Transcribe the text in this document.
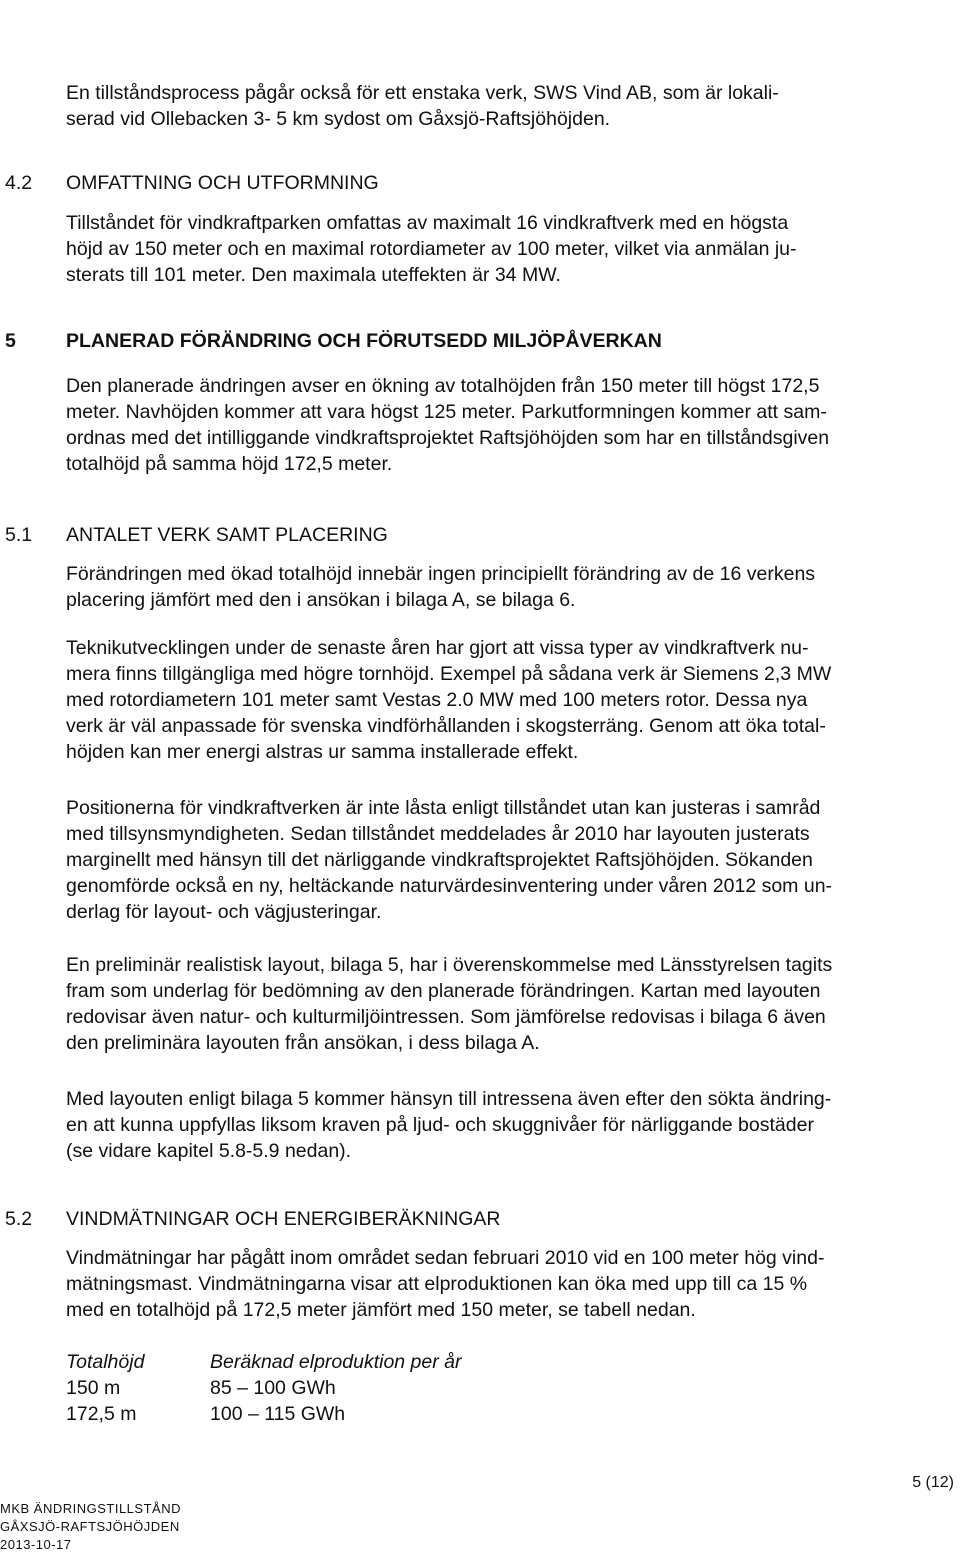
En tillståndsprocess pågår också för ett enstaka verk, SWS Vind AB, som är lokali-
serad vid Ollebacken 3- 5 km sydost om Gåxsjö-Raftsjöhöjden.
4.2 OMFATTNING OCH UTFORMNING
Tillståndet för vindkraftparken omfattas av maximalt 16 vindkraftverk med en högsta
höjd av 150 meter och en maximal rotordiameter av 100 meter, vilket via anmälan ju-
sterats till 101 meter. Den maximala uteffekten är 34 MW.
5	PLANERAD FÖRÄNDRING OCH FÖRUTSEDD MILJÖPÅVERKAN
Den planerade ändringen avser en ökning av totalhöjden från 150 meter till högst 172,5
meter. Navhöjden kommer att vara högst 125 meter. Parkutformningen kommer att sam-
ordnas med det intilliggande vindkraftsprojektet Raftsjöhöjden som har en tillståndsgiven
totalhöjd på samma höjd 172,5 meter.
5.1 ANTALET VERK SAMT PLACERING
Förändringen med ökad totalhöjd innebär ingen principiellt förändring av de 16 verkens
placering jämfört med den i ansökan i bilaga A, se bilaga 6.
Teknikutvecklingen under de senaste åren har gjort att vissa typer av vindkraftverk nu-
mera finns tillgängliga med högre tornhöjd. Exempel på sådana verk är Siemens 2,3 MW
med rotordiametern 101 meter samt Vestas 2.0 MW med 100 meters rotor. Dessa nya
verk är väl anpassade för svenska vindförhållanden i skogsterräng. Genom att öka total-
höjden kan mer energi alstras ur samma installerade effekt.
Positionerna för vindkraftverken är inte låsta enligt tillståndet utan kan justeras i samråd
med tillsynsmyndigheten. Sedan tillståndet meddelades år 2010 har layouten justerats
marginellt med hänsyn till det närliggande vindkraftsprojektet Raftsjöhöjden. Sökanden
genomförde också en ny, heltäckande naturvärdesinventering under våren 2012 som un-
derlag för layout- och vägjusteringar.
En preliminär realistisk layout, bilaga 5, har i överenskommelse med Länsstyrelsen tagits
fram som underlag för bedömning av den planerade förändringen. Kartan med layouten
redovisar även natur- och kulturmiljöintressen. Som jämförelse redovisas i bilaga 6 även
den preliminära layouten från ansökan, i dess bilaga A.
Med layouten enligt bilaga 5 kommer hänsyn till intressena även efter den sökta ändring-
en att kunna uppfyllas liksom kraven på ljud- och skuggnivåer för närliggande bostäder
(se vidare kapitel 5.8-5.9 nedan).
5.2 VINDMÄTNINGAR OCH ENERGIBERÄKNINGAR
Vindmätningar har pågått inom området sedan februari 2010 vid en 100 meter hög vind-
mätningsmast. Vindmätningarna visar att elproduktionen kan öka med upp till ca 15 %
med en totalhöjd på 172,5 meter jämfört med 150 meter, se tabell nedan.
Totalhöjd	Beräknad elproduktion per år
150 m	85 – 100 GWh
172,5 m	100 – 115 GWh
5 (12)
MKB ÄNDRINGSTILLSTÅND
GÅXSJÖ-RAFTSJÖHÖJDEN
2013-10-17
